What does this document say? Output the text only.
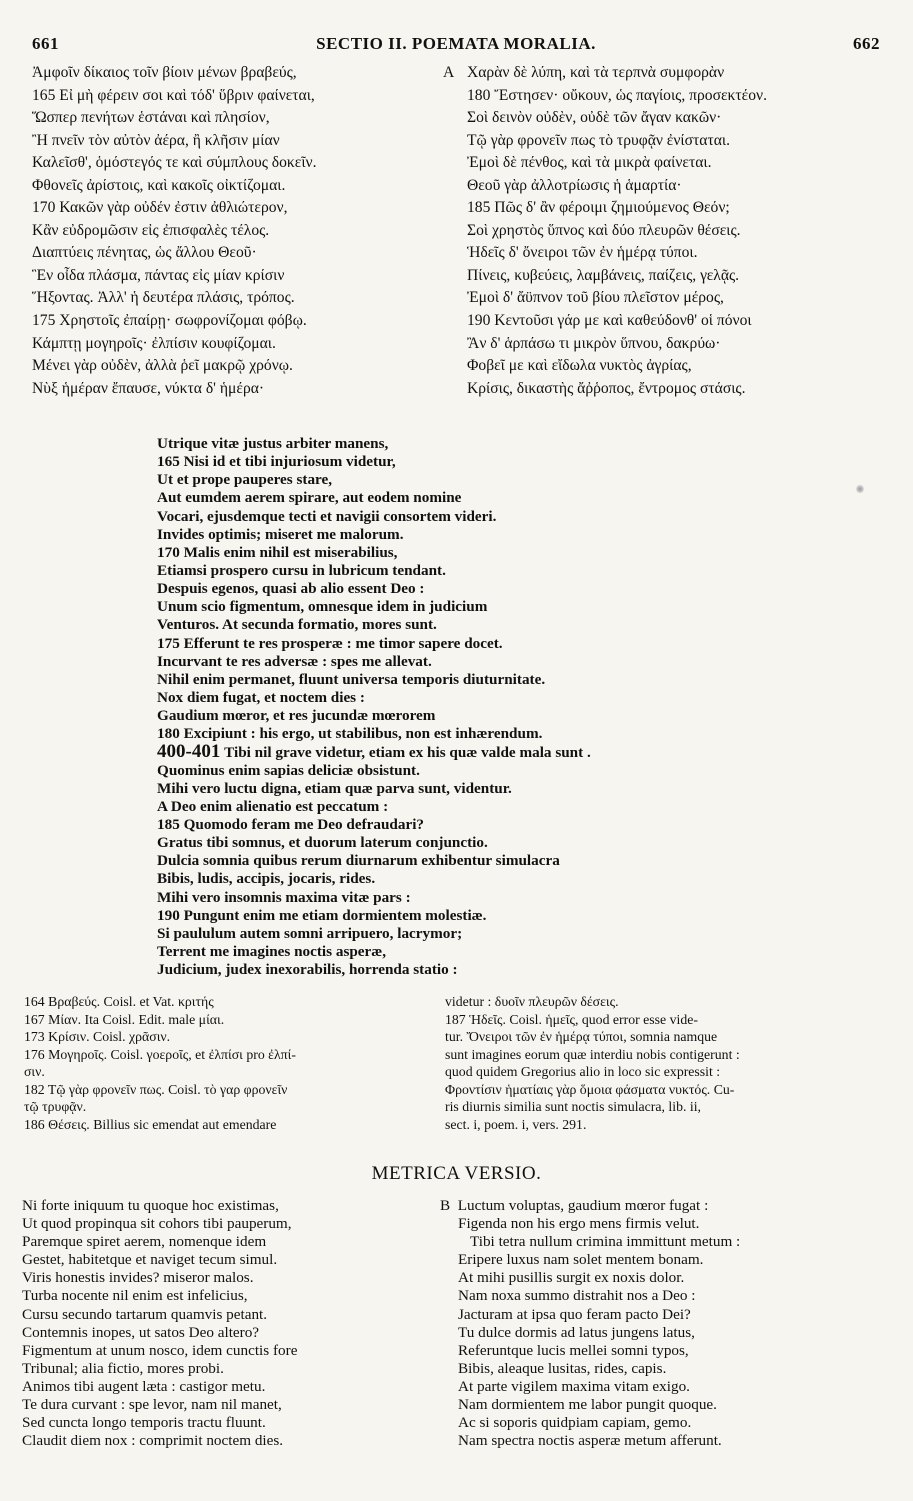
661	SECTIO II. POEMATA MORALIA.	662
Ἀμφοῖν δίκαιος τοῖν βίοιν μένων βραβεύς,
165 Εἰ μὴ φέρειν σοι καὶ τόδ' ὕβριν φαίνεται,
Ὥσπερ πενήτων ἑστάναι καὶ πλησίον,
Ἢ πνεῖν τὸν αὐτὸν ἀέρα, ἢ κλῆσιν μίαν
Καλεῖσθ', ὁμόστεγός τε καὶ σύμπλους δοκεῖν.
Φθονεῖς ἀρίστοις, καὶ κακοῖς οἰκτίζομαι.
170 Κακῶν γὰρ οὐδέν ἐστιν ἀθλιώτερον,
Κἂν εὐδρομῶσιν εἰς ἐπισφαλὲς τέλος.
Διαπτύεις πένητας, ὡς ἄλλου Θεοῦ·
Ἓν οἶδα πλάσμα, πάντας εἰς μίαν κρίσιν
Ἥξοντας. Ἀλλ' ἡ δευτέρα πλάσις, τρόπος.
175 Χρηστοῖς ἐπαίρῃ· σωφρονίζομαι φόβῳ.
Κάμπτῃ μογηροῖς· ἐλπίσιν κουφίζομαι.
Μένει γὰρ οὐδὲν, ἀλλὰ ῥεῖ μακρῷ χρόνῳ.
Νὺξ ἡμέραν ἔπαυσε, νύκτα δ' ἡμέρα·
A Χαρὰν δὲ λύπη, καὶ τὰ τερπνὰ συμφορὰν
180 Ἔστησεν· οὔκουν, ὡς παγίοις, προσεκτέον.
Σοὶ δεινὸν οὐδὲν, οὐδὲ τῶν ἄγαν κακῶν·
Τῷ γὰρ φρονεῖν πως τὸ τρυφᾷν ἐνίσταται.
Ἐμοὶ δὲ πένθος, καὶ τὰ μικρὰ φαίνεται.
Θεοῦ γὰρ ἀλλοτρίωσις ἡ ἁμαρτία·
185 Πῶς δ' ἂν φέροιμι ζημιούμενος Θεόν;
Σοὶ χρηστὸς ὕπνος καὶ δύο πλευρῶν θέσεις.
Ἡδεῖς δ' ὄνειροι τῶν ἐν ἡμέρᾳ τύποι.
Πίνεις, κυβεύεις, λαμβάνεις, παίζεις, γελᾷς.
Ἐμοὶ δ' ἄϋπνον τοῦ βίου πλεῖστον μέρος,
190 Κεντοῦσι γάρ με καὶ καθεύδονθ' οἱ πόνοι
Ἂν δ' ἁρπάσω τι μικρὸν ὕπνου, δακρύω·
Φοβεῖ με καὶ εἴδωλα νυκτὸς ἀγρίας,
Κρίσις, δικαστὴς ἄῤῥοπος, ἔντρομος στάσις.
Utrique vitæ justus arbiter manens,
165 Nisi id et tibi injuriosum videtur,
Ut et prope pauperes stare,
Aut eumdem aerem spirare, aut eodem nomine
Vocari, ejusdemque tecti et navigii consortem videri.
Invides optimis; miseret me malorum.
170 Malis enim nihil est miserabilius,
Etiamsi prospero cursu in lubricum tendant.
Despuis egenos, quasi ab alio essent Deo :
Unum scio figmentum, omnesque idem in judicium
Venturos. At secunda formatio, mores sunt.
175 Efferunt te res prosperæ : me timor sapere docet.
Incurvant te res adversæ : spes me allevat.
Nihil enim permanet, fluunt universa temporis diuturnitate.
Nox diem fugat, et noctem dies :
Gaudium mœror, et res jucundæ mœrorem
180 Excipiunt : his ergo, ut stabilibus, non est inhærendum.
400-401 Tibi nil grave videtur, etiam ex his quæ valde mala sunt .
Quominus enim sapias deliciæ obsistunt.
Mihi vero luctu digna, etiam quæ parva sunt, videntur.
A Deo enim alienatio est peccatum :
185 Quomodo feram me Deo defraudari?
Gratus tibi somnus, et duorum laterum conjunctio.
Dulcia somnia quibus rerum diurnarum exhibentur simulacra
Bibis, ludis, accipis, jocaris, rides.
Mihi vero insomnis maxima vitæ pars :
190 Pungunt enim me etiam dormientem molestiæ.
Si paululum autem somni arripuero, lacrymor;
Terrent me imagines noctis asperæ,
Judicium, judex inexorabilis, horrenda statio :
164 Βραβεύς. Coisl. et Vat. κριτής
167 Μίαν. Ita Coisl. Edit. male μίαι.
173 Κρίσιν. Coisl. χρᾶσιν.
176 Μογηροῖς. Coisl. γοεροῖς, et ἐλπίσι pro ἐλπί-
σιν.
182 Τῷ γὰρ φρονεῖν πως. Coisl. τὸ γαρ φρονεῖν
τῷ τρυφᾷν.
186 Θέσεις. Billius sic emendat aut emendare
videtur : δυοῖν πλευρῶν δέσεις.
187 Ἡδεῖς. Coisl. ἡμεῖς, quod error esse vide-
tur. Ὄνειροι τῶν ἐν ἡμέρᾳ τύποι, somnia namque
sunt imagines eorum quæ interdiu nobis contigerunt :
quod quidem Gregorius alio in loco sic expressit :
Φροντίσιν ἡματίαις γὰρ ὅμοια φάσματα νυκτός. Cu-
ris diurnis similia sunt noctis simulacra, lib. ii,
sect. i, poem. i, vers. 291.
METRICA VERSIO.
Ni forte iniquum tu quoque hoc existimas,
Ut quod propinqua sit cohors tibi pauperum,
Paremque spiret aerem, nomenque idem
Gestet, habitetque et naviget tecum simul.
Viris honestis invides? miseror malos.
Turba nocente nil enim est infelicius,
Cursu secundo tartarum quamvis petant.
Contemnis inopes, ut satos Deo altero?
Figmentum at unum nosco, idem cunctis fore
Tribunal; alia fictio, mores probi.
Animos tibi augent læta : castigor metu.
Te dura curvant : spe levor, nam nil manet,
Sed cuncta longo temporis tractu fluunt.
Claudit diem nox : comprimit noctem dies.
B Luctum voluptas, gaudium mœror fugat :
Figenda non his ergo mens firmis velut.
Tibi tetra nullum crimina immittunt metum :
Eripere luxus nam solet mentem bonam.
At mihi pusillis surgit ex noxis dolor.
Nam noxa summo distrahit nos a Deo :
Jacturam at ipsa quo feram pacto Dei?
Tu dulce dormis ad latus jungens latus,
Referuntque lucis mellei somni typos,
Bibis, aleaque lusitas, rides, capis.
At parte vigilem maxima vitam exigo.
Nam dormientem me labor pungit quoque.
Ac si soporis quidpiam capiam, gemo.
Nam spectra noctis asperæ metum afferunt.
